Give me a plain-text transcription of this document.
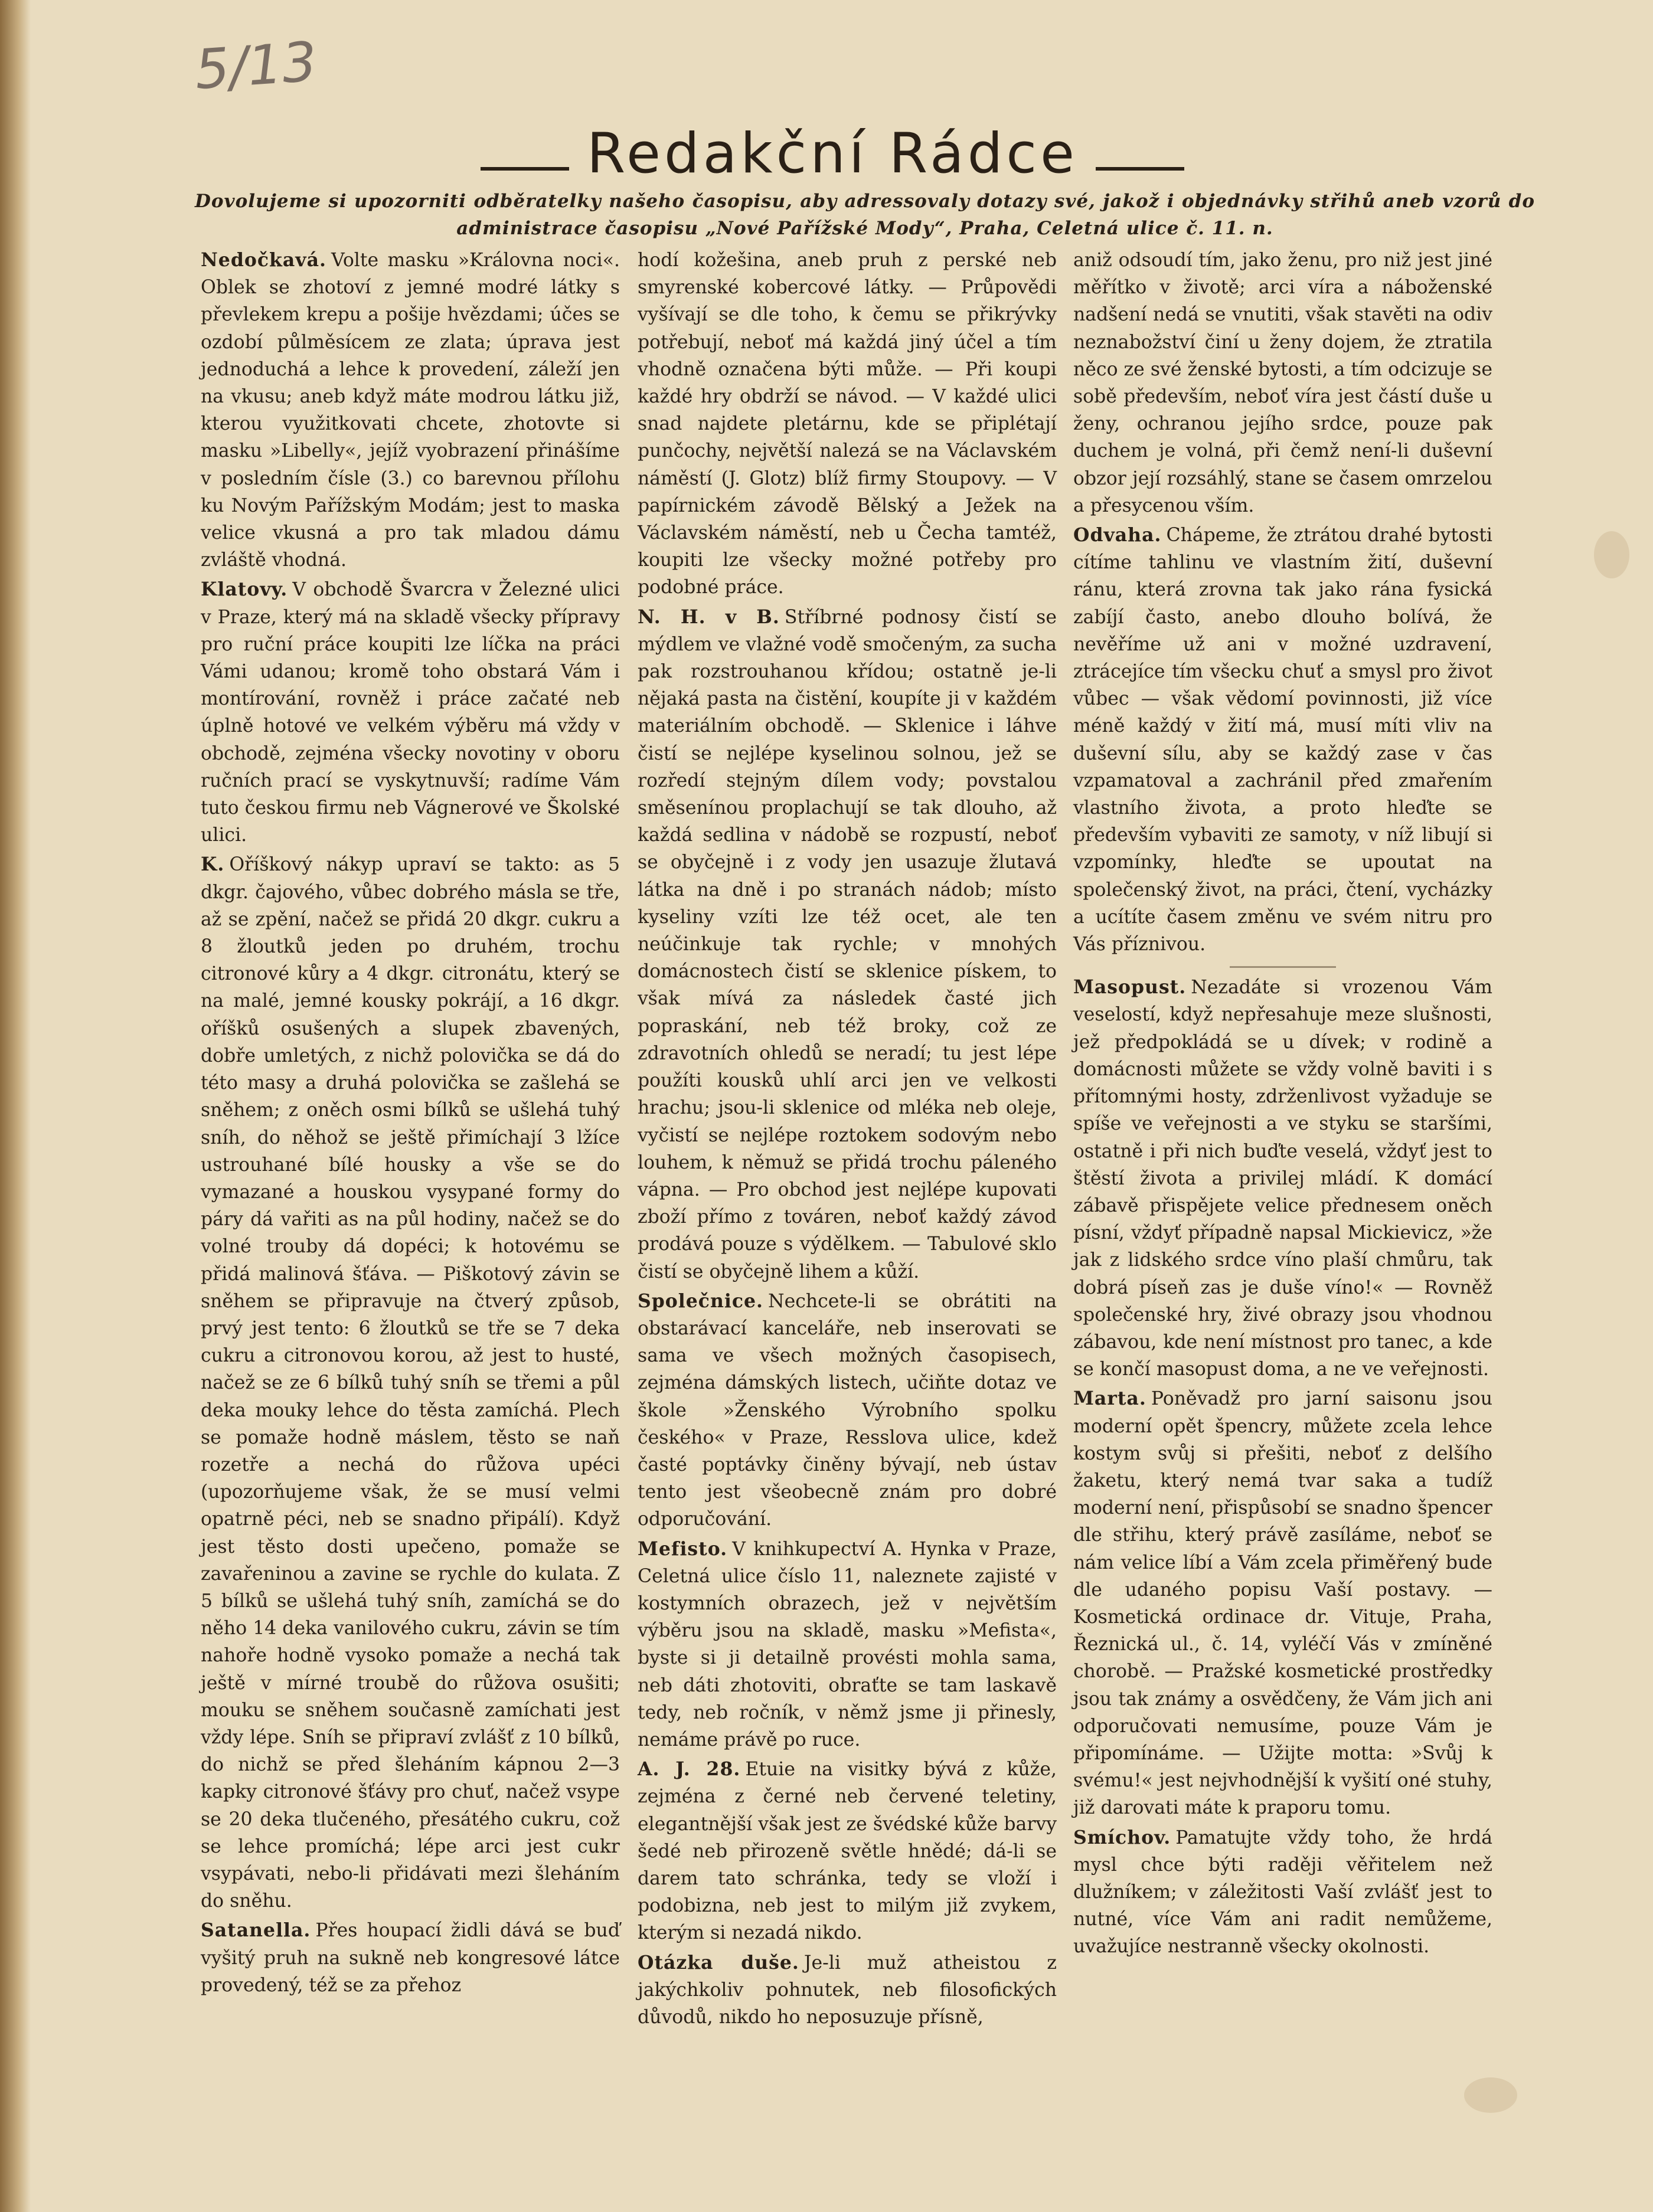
5/13
Redakční Rádce
Dovolujeme si upozorniti odběratelky našeho časopisu, aby adressovaly dotazy své, jakož i objednávky střihů aneb vzorů do administrace časopisu „Nové Pařížské Mody“, Praha, Celetná ulice č. 11. n.

Nedočkavá. Volte masku »Královna noci«. Oblek se zhotoví z jemné modré látky s převlekem krepu a pošije hvězdami; účes se ozdobí půlměsícem ze zlata; úprava jest jednoduchá a lehce k provedení, záleží jen na vkusu; aneb když máte modrou látku již, kterou využitkovati chcete, zhotovte si masku »Libelly«, jejíž vyobrazení přinášíme v posledním čísle (3.) co barevnou přílohu ku Novým Pařížským Modám; jest to maska velice vkusná a pro tak mladou dámu zvláště vhodná.

Klatovy. V obchodě Švarcra v Železné ulici v Praze, který má na skladě všecky přípravy pro ruční práce koupiti lze líčka na práci Vámi udanou; kromě toho obstará Vám i montírování, rovněž i práce začaté neb úplně hotové ve velkém výběru má vždy v obchodě, zejména všecky novotiny v oboru ručních prací se vyskytnuvší; radíme Vám tuto českou firmu neb Vágnerové ve Školské ulici.

K. Oříškový nákyp upraví se takto: as 5 dkgr. čajového, vůbec dobrého másla se tře, až se zpění, načež se přidá 20 dkgr. cukru a 8 žloutků jeden po druhém, trochu citronové kůry a 4 dkgr. citronátu, který se na malé, jemné kousky pokrájí, a 16 dkgr. oříšků osušených a slupek zbavených, dobře umletých, z nichž polovička se dá do této masy a druhá polovička se zašlehá se sněhem; z oněch osmi bílků se ušlehá tuhý sníh, do něhož se ještě přimíchají 3 lžíce ustrouhané bílé housky a vše se do vymazané a houskou vysypané formy do páry dá vařiti as na půl hodiny, načež se do volné trouby dá dopéci; k hotovému se přidá malinová šťáva. — Piškotový závin se sněhem se připravuje na čtverý způsob, prvý jest tento: 6 žloutků se tře se 7 deka cukru a citronovou korou, až jest to husté, načež se ze 6 bílků tuhý sníh se třemi a půl deka mouky lehce do těsta zamíchá. Plech se pomaže hodně máslem, těsto se naň rozetře a nechá do růžova upéci (upozorňujeme však, že se musí velmi opatrně péci, neb se snadno připálí). Když jest těsto dosti upečeno, pomaže se zavařeninou a zavine se rychle do kulata. Z 5 bílků se ušlehá tuhý sníh, zamíchá se do něho 14 deka vanilového cukru, závin se tím nahoře hodně vysoko pomaže a nechá tak ještě v mírné troubě do růžova osušiti; mouku se sněhem současně zamíchati jest vždy lépe. Sníh se připraví zvlášť z 10 bílků, do nichž se před šleháním kápnou 2—3 kapky citronové šťávy pro chuť, načež vsype se 20 deka tlučeného, přesátého cukru, což se lehce promíchá; lépe arci jest cukr vsypávati, nebo-li přidávati mezi šleháním do sněhu.

Satanella. Přes houpací židli dává se buď vyšitý pruh na sukně neb kongresové látce provedený, též se za přehoz

hodí kožešina, aneb pruh z perské neb smyrenské kobercové látky. — Průpovědi vyšívají se dle toho, k čemu se přikrývky potřebují, neboť má každá jiný účel a tím vhodně označena býti může. — Při koupi každé hry obdrží se návod. — V každé ulici snad najdete pletárnu, kde se připlétají punčochy, největší nalezá se na Václavském náměstí (J. Glotz) blíž firmy Stoupovy. — V papírnickém závodě Bělský a Ježek na Václavském náměstí, neb u Čecha tamtéž, koupiti lze všecky možné potřeby pro podobné práce.

N. H. v B. Stříbrné podnosy čistí se mýdlem ve vlažné vodě smočeným, za sucha pak rozstrouhanou křídou; ostatně je-li nějaká pasta na čistění, koupíte ji v každém materiálním obchodě. — Sklenice i láhve čistí se nejlépe kyselinou solnou, jež se rozředí stejným dílem vody; povstalou směsenínou proplachují se tak dlouho, až každá sedlina v nádobě se rozpustí, neboť se obyčejně i z vody jen usazuje žlutavá látka na dně i po stranách nádob; místo kyseliny vzíti lze též ocet, ale ten neúčinkuje tak rychle; v mnohých domácnostech čistí se sklenice pískem, to však mívá za následek časté jich popraskání, neb též broky, což ze zdravotních ohledů se neradí; tu jest lépe použíti kousků uhlí arci jen ve velkosti hrachu; jsou-li sklenice od mléka neb oleje, vyčistí se nejlépe roztokem sodovým nebo louhem, k němuž se přidá trochu páleného vápna. — Pro obchod jest nejlépe kupovati zboží přímo z továren, neboť každý závod prodává pouze s výdělkem. — Tabulové sklo čistí se obyčejně lihem a kůží.

Společnice. Nechcete-li se obrátiti na obstarávací kanceláře, neb inserovati se sama ve všech možných časopisech, zejména dámských listech, učiňte dotaz ve škole »Ženského Výrobního spolku českého« v Praze, Resslova ulice, kdež časté poptávky činěny bývají, neb ústav tento jest všeobecně znám pro dobré odporučování.

Mefisto. V knihkupectví A. Hynka v Praze, Celetná ulice číslo 11, naleznete zajisté v kostymních obrazech, jež v největším výběru jsou na skladě, masku »Mefista«, byste si ji detailně provésti mohla sama, neb dáti zhotoviti, obraťte se tam laskavě tedy, neb ročník, v němž jsme ji přinesly, nemáme právě po ruce.

A. J. 28. Etuie na visitky bývá z kůže, zejména z černé neb červené teletiny, elegantnější však jest ze švédské kůže barvy šedé neb přirozeně světle hnědé; dá-li se darem tato schránka, tedy se vloží i podobizna, neb jest to milým již zvykem, kterým si nezadá nikdo.

Otázka duše. Je-li muž atheistou z jakýchkoliv pohnutek, neb filosofických důvodů, nikdo ho neposuzuje přísně,

aniž odsoudí tím, jako ženu, pro niž jest jiné měřítko v životě; arci víra a náboženské nadšení nedá se vnutiti, však stavěti na odiv neznabožství činí u ženy dojem, že ztratila něco ze své ženské bytosti, a tím odcizuje se sobě především, neboť víra jest částí duše u ženy, ochranou jejího srdce, pouze pak duchem je volná, při čemž není-li duševní obzor její rozsáhlý, stane se časem omrzelou a přesycenou vším.

Odvaha. Chápeme, že ztrátou drahé bytosti cítíme tahlinu ve vlastním žití, duševní ránu, která zrovna tak jako rána fysická zabíjí často, anebo dlouho bolívá, že nevěříme už ani v možné uzdravení, ztrácejíce tím všecku chuť a smysl pro život vůbec — však vědomí povinnosti, již více méně každý v žití má, musí míti vliv na duševní sílu, aby se každý zase v čas vzpamatoval a zachránil před zmařením vlastního života, a proto hleďte se především vybaviti ze samoty, v níž libují si vzpomínky, hleďte se upoutat na společenský život, na práci, čtení, vycházky a ucítíte časem změnu ve svém nitru pro Vás příznivou.

Masopust. Nezadáte si vrozenou Vám veselostí, když nepřesahuje meze slušnosti, jež předpokládá se u dívek; v rodině a domácnosti můžete se vždy volně baviti i s přítomnými hosty, zdrženlivost vyžaduje se spíše ve veřejnosti a ve styku se staršími, ostatně i při nich buďte veselá, vždyť jest to štěstí života a privilej mládí. K domácí zábavě přispějete velice přednesem oněch písní, vždyť případně napsal Mickievicz, »že jak z lidského srdce víno plaší chmůru, tak dobrá píseň zas je duše víno!« — Rovněž společenské hry, živé obrazy jsou vhodnou zábavou, kde není místnost pro tanec, a kde se končí masopust doma, a ne ve veřejnosti.

Marta. Poněvadž pro jarní saisonu jsou moderní opět špencry, můžete zcela lehce kostym svůj si přešiti, neboť z delšího žaketu, který nemá tvar saka a tudíž moderní není, přispůsobí se snadno špencer dle střihu, který právě zasíláme, neboť se nám velice líbí a Vám zcela přiměřený bude dle udaného popisu Vaší postavy. — Kosmetická ordinace dr. Vituje, Praha, Řeznická ul., č. 14, vyléčí Vás v zmíněné chorobě. — Pražské kosmetické prostředky jsou tak známy a osvědčeny, že Vám jich ani odporučovati nemusíme, pouze Vám je připomínáme. — Užijte motta: »Svůj k svému!« jest nejvhodnější k vyšití oné stuhy, již darovati máte k praporu tomu.

Smíchov. Pamatujte vždy toho, že hrdá mysl chce býti raději věřitelem než dlužníkem; v záležitosti Vaší zvlášť jest to nutné, více Vám ani radit nemůžeme, uvažujíce nestranně všecky okolnosti.
